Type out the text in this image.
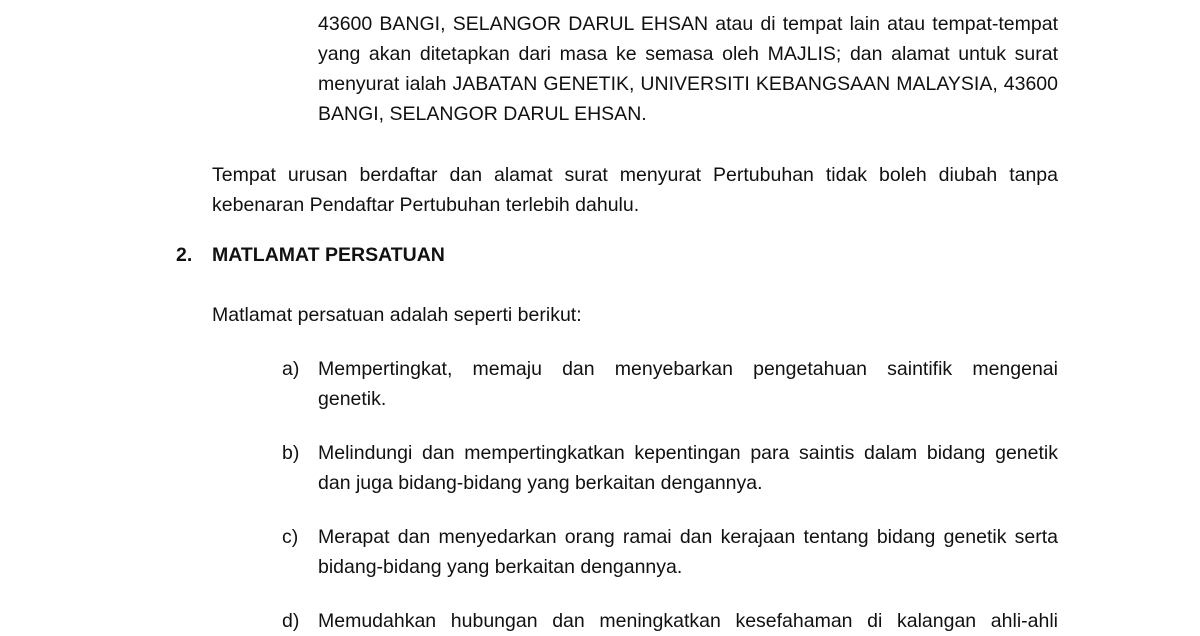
43600 BANGI, SELANGOR DARUL EHSAN atau di tempat lain atau tempat-tempat
yang akan ditetapkan dari masa ke semasa oleh MAJLIS; dan alamat untuk surat
menyurat ialah JABATAN GENETIK, UNIVERSITI KEBANGSAAN MALAYSIA, 43600
BANGI, SELANGOR DARUL EHSAN.
Tempat urusan berdaftar dan alamat surat menyurat Pertubuhan tidak boleh diubah tanpa
kebenaran Pendaftar Pertubuhan terlebih dahulu.
2. MATLAMAT PERSATUAN
Matlamat persatuan adalah seperti berikut:
a) Mempertingkat, memaju dan menyebarkan pengetahuan saintifik mengenai
genetik.
b) Melindungi dan mempertingkatkan kepentingan para saintis dalam bidang genetik
dan juga bidang-bidang yang berkaitan dengannya.
c) Merapat dan menyedarkan orang ramai dan kerajaan tentang bidang genetik serta
bidang-bidang yang berkaitan dengannya.
d) Memudahkan hubungan dan meningkatkan kesefahaman di kalangan ahli-ahli
